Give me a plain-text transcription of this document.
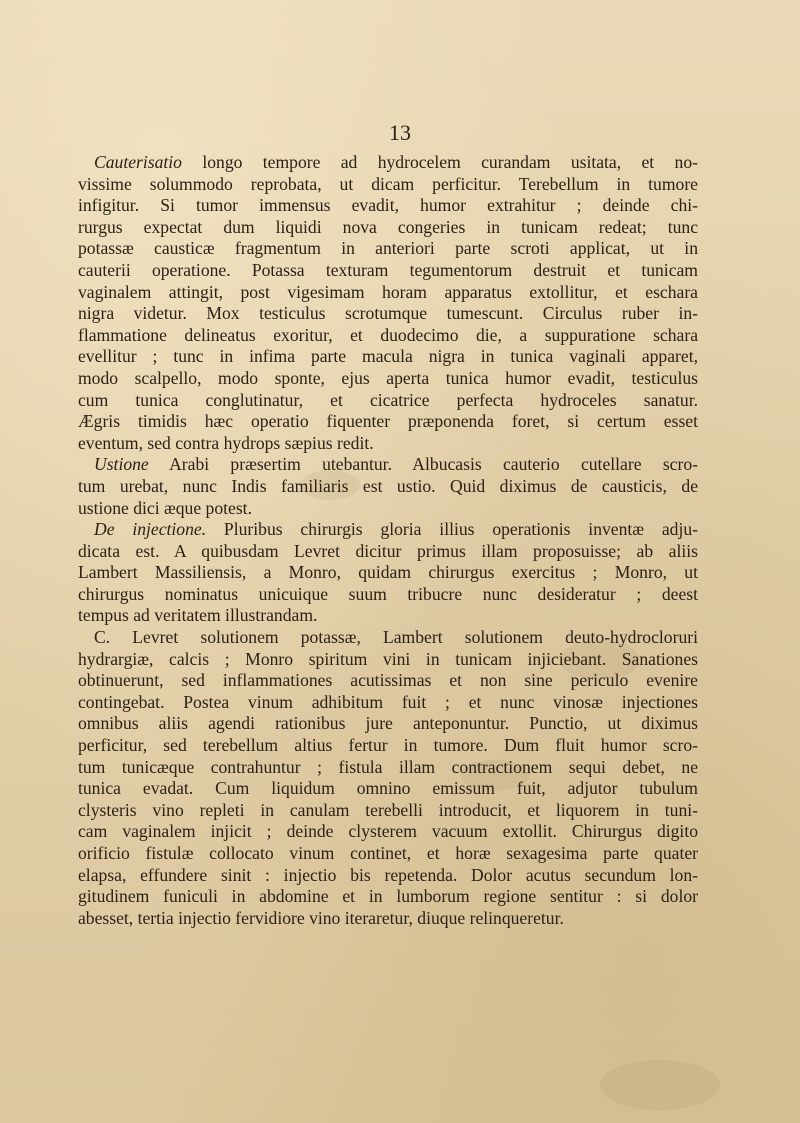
13
Cauterisatio longo tempore ad hydrocelem curandam usitata, et no-
vissime solummodo reprobata, ut dicam perficitur. Terebellum in tumore
infigitur. Si tumor immensus evadit, humor extrahitur ; deinde chi-
rurgus expectat dum liquidi nova congeries in tunicam redeat; tunc
potassæ causticæ fragmentum in anteriori parte scroti applicat, ut in
cauterii operatione. Potassa texturam tegumentorum destruit et tunicam
vaginalem attingit, post vigesimam horam apparatus extollitur, et eschara
nigra videtur. Mox testiculus scrotumque tumescunt. Circulus ruber in-
flammatione delineatus exoritur, et duodecimo die, a suppuratione schara
evellitur ; tunc in infima parte macula nigra in tunica vaginali apparet,
modo scalpello, modo sponte, ejus aperta tunica humor evadit, testiculus
cum tunica conglutinatur, et cicatrice perfecta hydroceles sanatur.
Ægris timidis hæc operatio fiquenter præponenda foret, si certum esset
eventum, sed contra hydrops sæpius redit.
Ustione Arabi præsertim utebantur. Albucasis cauterio cutellare scro-
tum urebat, nunc Indis familiaris est ustio. Quid diximus de causticis, de
ustione dici æque potest.
De injectione. Pluribus chirurgis gloria illius operationis inventæ adju-
dicata est. A quibusdam Levret dicitur primus illam proposuisse; ab aliis
Lambert Massiliensis, a Monro, quidam chirurgus exercitus ; Monro, ut
chirurgus nominatus unicuique suum tribucre nunc desideratur ; deest
tempus ad veritatem illustrandam.
C. Levret solutionem potassæ, Lambert solutionem deuto-hydrocloruri
hydrargiæ, calcis ; Monro spiritum vini in tunicam injiciebant. Sanationes
obtinuerunt, sed inflammationes acutissimas et non sine periculo evenire
contingebat. Postea vinum adhibitum fuit ; et nunc vinosæ injectiones
omnibus aliis agendi rationibus jure anteponuntur. Punctio, ut diximus
perficitur, sed terebellum altius fertur in tumore. Dum fluit humor scro-
tum tunicæque contrahuntur ; fistula illam contractionem sequi debet, ne
tunica evadat. Cum liquidum omnino emissum fuit, adjutor tubulum
clysteris vino repleti in canulam terebelli introducit, et liquorem in tuni-
cam vaginalem injicit ; deinde clysterem vacuum extollit. Chirurgus digito
orificio fistulæ collocato vinum continet, et horæ sexagesima parte quater
elapsa, effundere sinit : injectio bis repetenda. Dolor acutus secundum lon-
gitudinem funiculi in abdomine et in lumborum regione sentitur : si dolor
abesset, tertia injectio fervidiore vino iteraretur, diuque relinqueretur.
